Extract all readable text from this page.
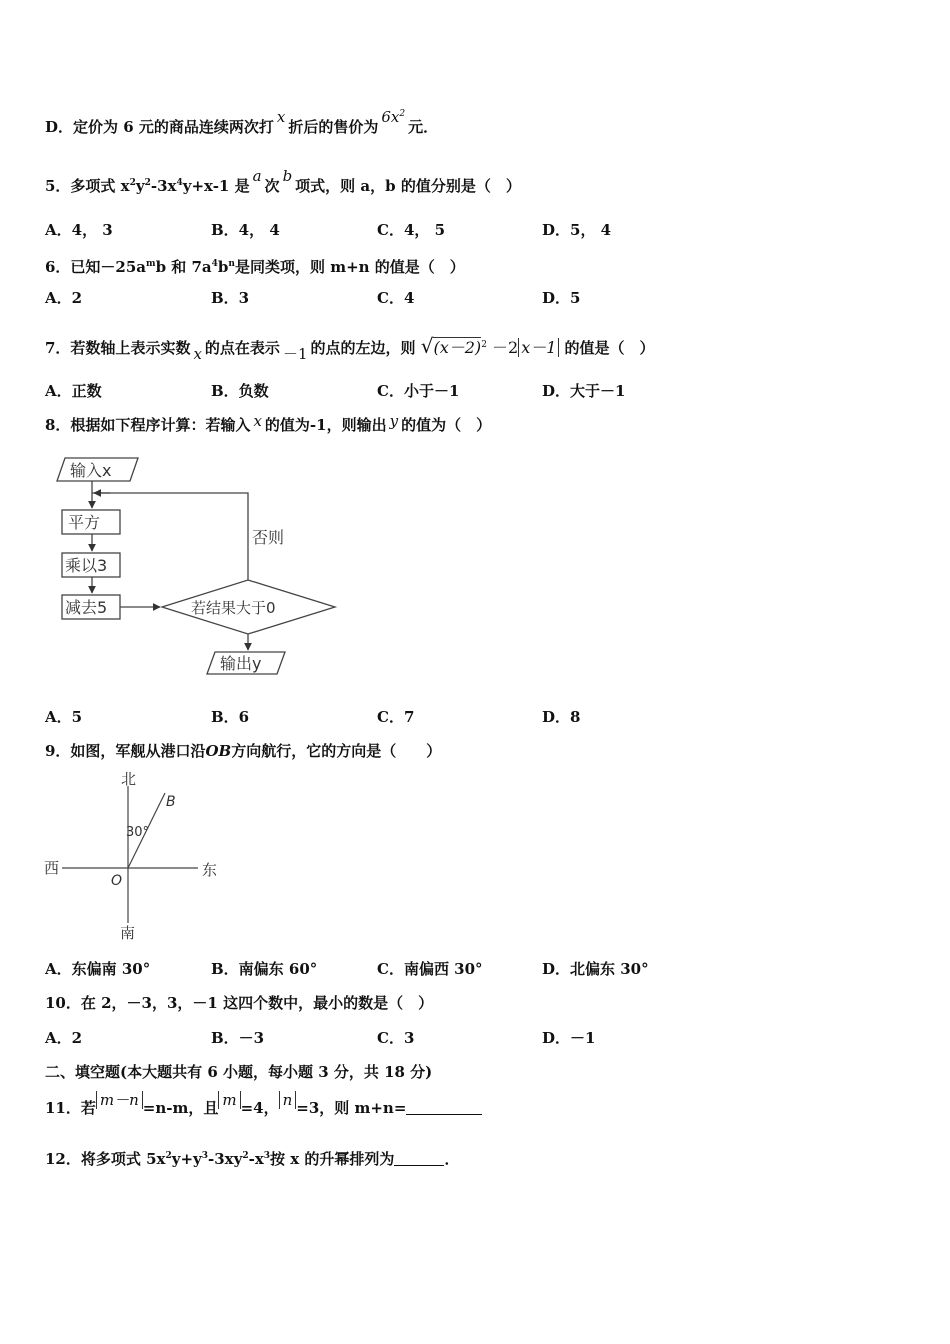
D．定价为 6 元的商品连续两次打x折后的售价为$6x^2$元．
5．多项式 $x^2y^2-3x^4y+x-1$ 是a次b项式，则 a，b 的值分别是（　）
A．4， 3	B．4， 4	C．4， 5	D．5， 4
6．已知$-25a^mb$ 和 $7a^4b^n$是同类项，则 m+n 的值是（　）
A．2	B．3	C．4	D．5
7．若数轴上表示实数 x 的点在表示 －1 的点的左边，则 $√(x-2)^2 -2$ x－1 的值是（　）
A．正数	B．负数	C．小于－1	D．大于－1
8．根据如下程序计算：若输入 x 的值为-1，则输出 y 的值为（　）
输入x
平方
乘以3
减去5	若结果大于0
否则
输出y
A．5	B．6	C．7	D．8
9．如图，军舰从港口沿OB方向航行，它的方向是（　　）
北
南
西	东
30°
B
O
A．东偏南 30°	B．南偏东 60°	C．南偏西 30°	D．北偏东 30°
10．在 2，－3，3，－1 这四个数中，最小的数是（　）
A．2	B．－3	C．3	D．－1
二、填空题(本大题共有 6 小题，每小题 3 分，共 18 分)
11．若 m－n =n-m，且 m =4， n =3，则 m+n=
12．将多项式 $5x^2y+y^3-3xy^2-x^3$按 x 的升幂排列为	．
